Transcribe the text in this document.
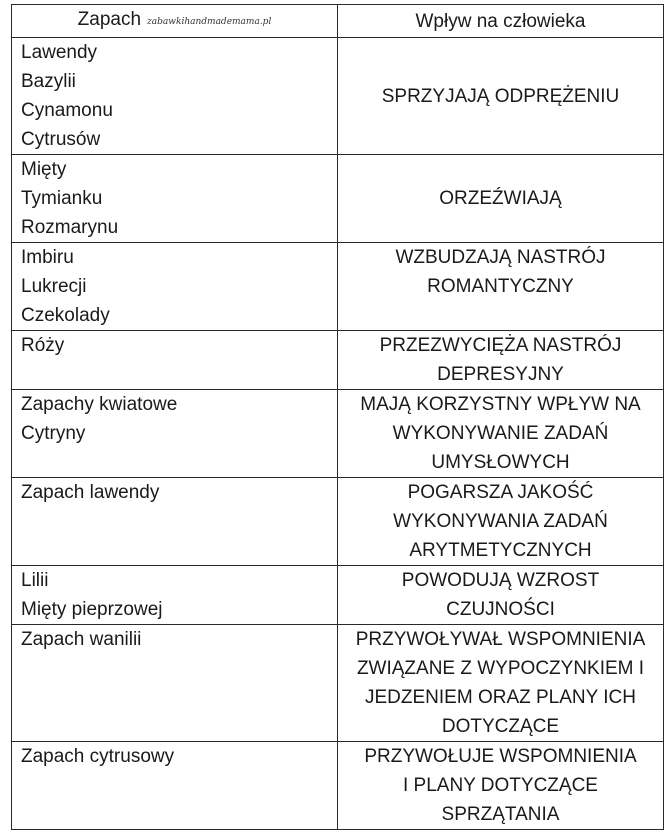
Zapach zabawkihandmademama.pl	Wpływ na człowieka

Lawendy
Bazylii
Cynamonu
Cytrusów	SPRZYJAJĄ ODPRĘŻENIU

Mięty
Tymianku
Rozmarynu	ORZEŹWIAJĄ

Imbiru
Lukrecji
Czekolady	WZBUDZAJĄ NASTRÓJ
ROMANTYCZNY

Róży	PRZEZWYCIĘŻA NASTRÓJ
DEPRESYJNY

Zapachy kwiatowe
Cytryny	MAJĄ KORZYSTNY WPŁYW NA
WYKONYWANIE ZADAŃ
UMYSŁOWYCH

Zapach lawendy	POGARSZA JAKOŚĆ
WYKONYWANIA ZADAŃ
ARYTMETYCZNYCH

Lilii
Mięty pieprzowej	POWODUJĄ WZROST
CZUJNOŚCI

Zapach wanilii	PRZYWOŁYWAŁ WSPOMNIENIA
ZWIĄZANE Z WYPOCZYNKIEM I
JEDZENIEM ORAZ PLANY ICH
DOTYCZĄCE

Zapach cytrusowy	PRZYWOŁUJE WSPOMNIENIA
I PLANY DOTYCZĄCE
SPRZĄTANIA
